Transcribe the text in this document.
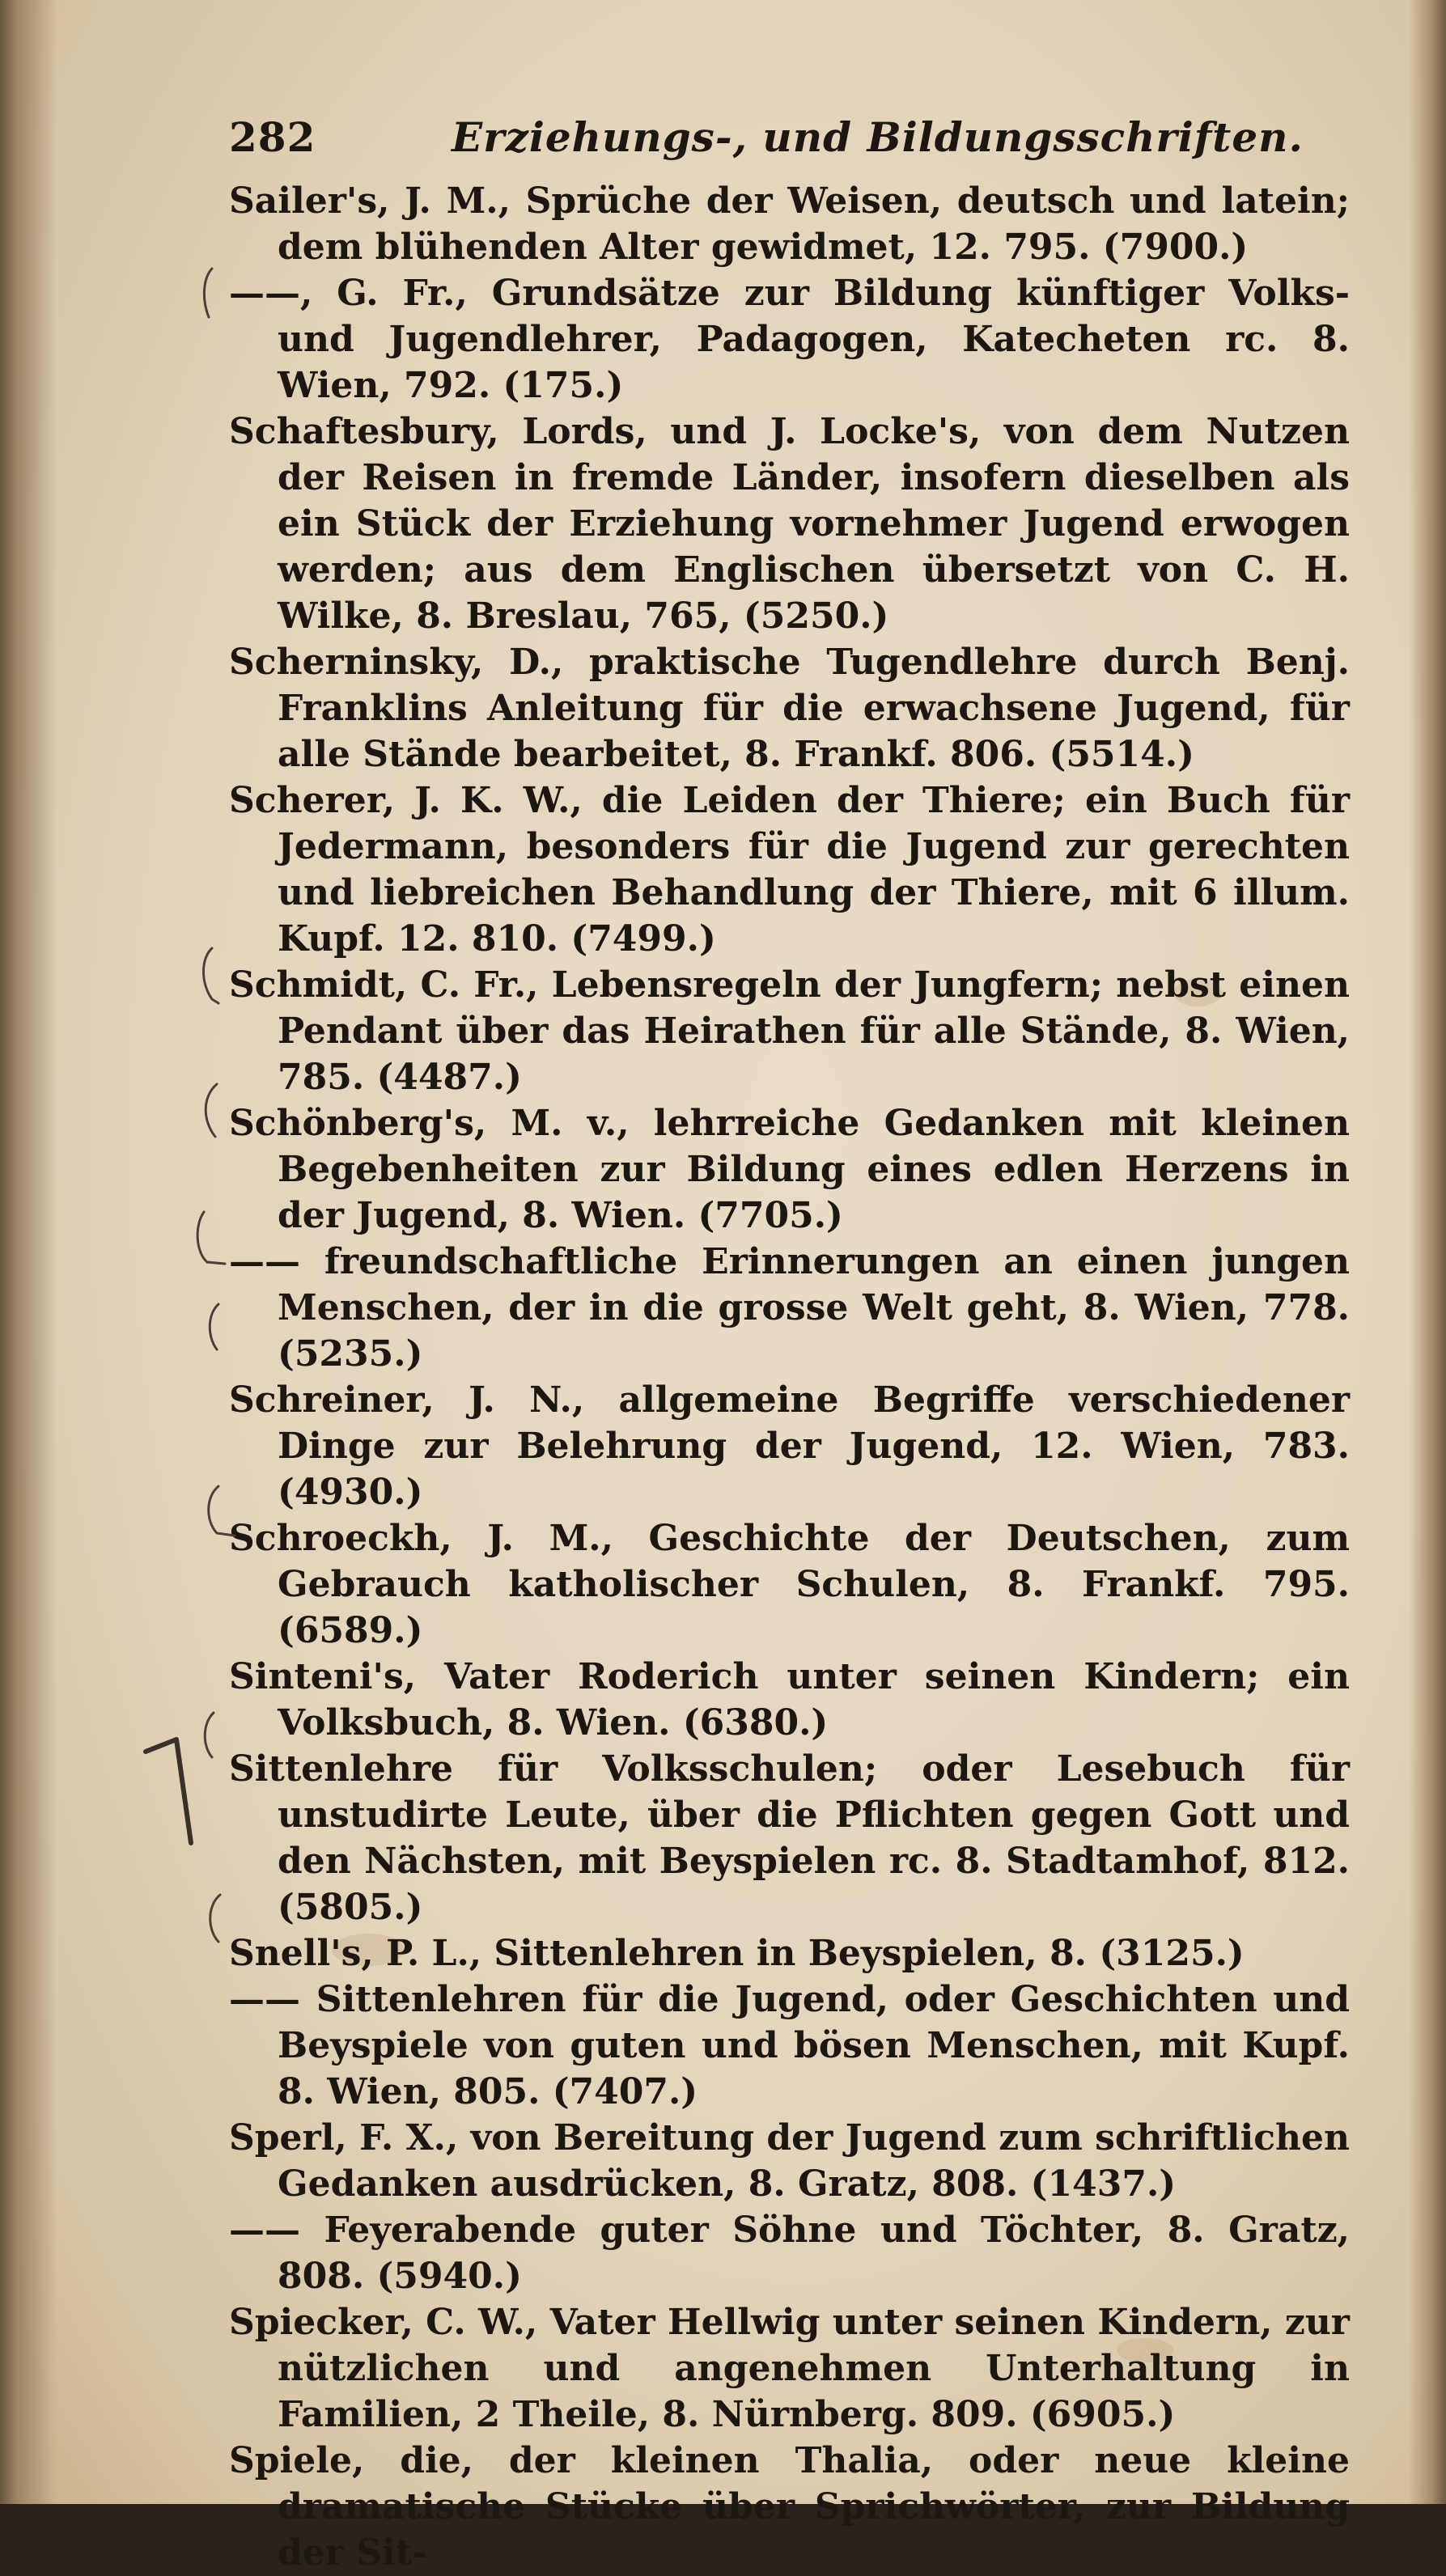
282	Erziehungs-, und Bildungsschriften.
Sailer's, J. M., Sprüche der Weisen, deutsch und latein; dem blühenden Alter gewidmet, 12. 795. (7900.)
——, G. Fr., Grundsätze zur Bildung künftiger Volks- und Jugendlehrer, Padagogen, Katecheten rc. 8. Wien, 792. (175.)
Schaftesbury, Lords, und J. Locke's, von dem Nutzen der Reisen in fremde Länder, insofern dieselben als ein Stück der Erziehung vornehmer Jugend erwogen werden; aus dem Englischen übersetzt von C. H. Wilke, 8. Breslau, 765, (5250.)
Scherninsky, D., praktische Tugendlehre durch Benj. Franklins Anleitung für die erwachsene Jugend, für alle Stände bearbeitet, 8. Frankf. 806. (5514.)
Scherer, J. K. W., die Leiden der Thiere; ein Buch für Jedermann, besonders für die Jugend zur gerechten und liebreichen Behandlung der Thiere, mit 6 illum. Kupf. 12. 810. (7499.)
Schmidt, C. Fr., Lebensregeln der Jungfern; nebst einen Pendant über das Heirathen für alle Stände, 8. Wien, 785. (4487.)
Schönberg's, M. v., lehrreiche Gedanken mit kleinen Begebenheiten zur Bildung eines edlen Herzens in der Jugend, 8. Wien. (7705.)
—— freundschaftliche Erinnerungen an einen jungen Menschen, der in die grosse Welt geht, 8. Wien, 778. (5235.)
Schreiner, J. N., allgemeine Begriffe verschiedener Dinge zur Belehrung der Jugend, 12. Wien, 783. (4930.)
Schroeckh, J. M., Geschichte der Deutschen, zum Gebrauch katholischer Schulen, 8. Frankf. 795. (6589.)
Sinteni's, Vater Roderich unter seinen Kindern; ein Volksbuch, 8. Wien. (6380.)
Sittenlehre für Volksschulen; oder Lesebuch für unstudirte Leute, über die Pflichten gegen Gott und den Nächsten, mit Beyspielen rc. 8. Stadtamhof, 812. (5805.)
Snell's, P. L., Sittenlehren in Beyspielen, 8. (3125.)
—— Sittenlehren für die Jugend, oder Geschichten und Beyspiele von guten und bösen Menschen, mit Kupf. 8. Wien, 805. (7407.)
Sperl, F. X., von Bereitung der Jugend zum schriftlichen Gedanken ausdrücken, 8. Gratz, 808. (1437.)
—— Feyerabende guter Söhne und Töchter, 8. Gratz, 808. (5940.)
Spiecker, C. W., Vater Hellwig unter seinen Kindern, zur nützlichen und angenehmen Unterhaltung in Familien, 2 Theile, 8. Nürnberg. 809. (6905.)
Spiele, die, der kleinen Thalia, oder neue kleine dramatische Stücke über Sprichwörter, zur Bildung der Sit-
